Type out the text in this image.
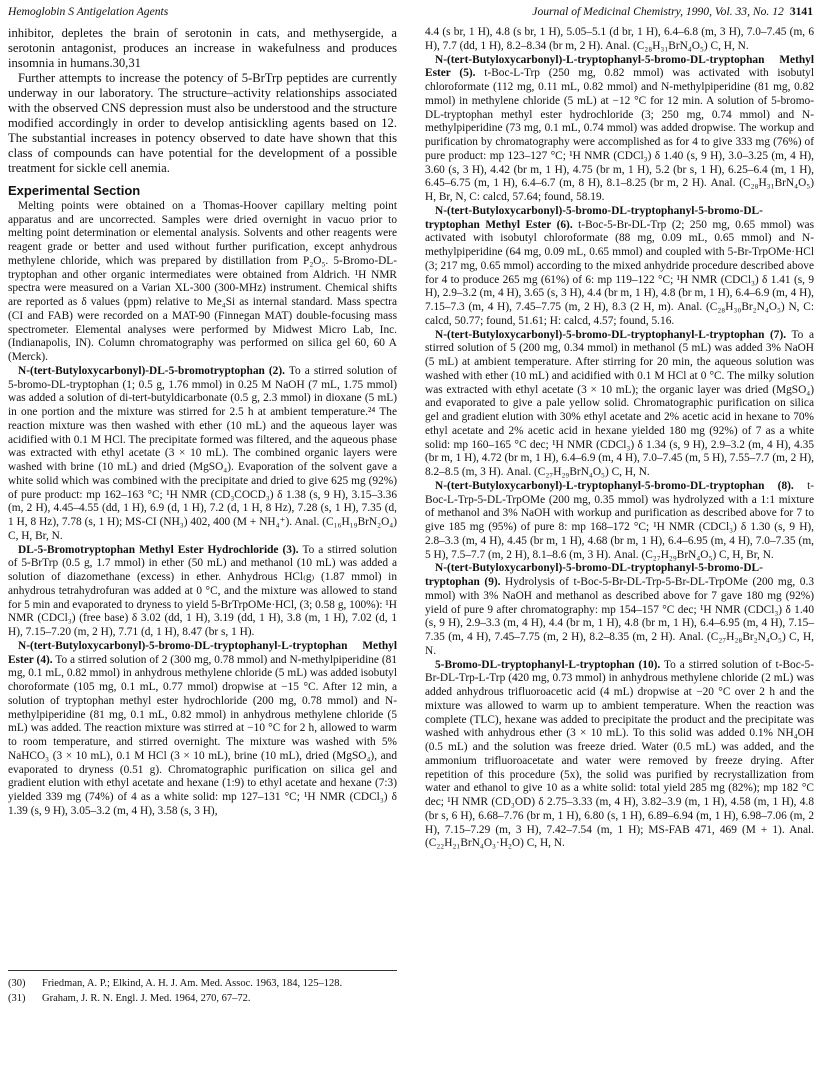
Hemoglobin S Antigelation Agents	Journal of Medicinal Chemistry, 1990, Vol. 33, No. 12 3141

inhibitor, depletes the brain of serotonin in cats, and methysergide, a serotonin antagonist, produces an increase in wakefulness and produces insomnia in humans.30,31

Further attempts to increase the potency of 5-BrTrp peptides are currently underway in our laboratory. The structure–activity relationships associated with the observed CNS depression must also be understood and the structure modified accordingly in order to develop antisickling agents based on 12. The substantial increases in potency observed to date have shown that this class of compounds can have potential for the development of a possible treatment for sickle cell anemia.

Experimental Section

Melting points were obtained on a Thomas-Hoover capillary melting point apparatus and are uncorrected. Samples were dried overnight in vacuo prior to melting point determination or elemental analysis. Solvents and other reagents were reagent grade or better and used without further purification, except anhydrous methylene chloride, which was prepared by distillation from P₂O₅. 5-Bromo-DL-tryptophan and other organic intermediates were obtained from Aldrich. ¹H NMR spectra were measured on a Varian XL-300 (300-MHz) instrument. Chemical shifts are reported as δ values (ppm) relative to Me₄Si as internal standard. Mass spectra (CI and FAB) were recorded on a MAT-90 (Finnegan MAT) double-focusing mass spectrometer. Elemental analyses were performed by Midwest Micro Lab, Inc. (Indianapolis, IN). Column chromatography was performed on silica gel 60, 60 A (Merck).

N-(tert-Butyloxycarbonyl)-DL-5-bromotryptophan (2). To a stirred solution of 5-bromo-DL-tryptophan (1; 0.5 g, 1.76 mmol) in 0.25 M NaOH (7 mL, 1.75 mmol) was added a solution of di-tert-butyldicarbonate (0.5 g, 2.3 mmol) in dioxane (5 mL) in one portion and the mixture was stirred for 2.5 h at ambient temperature.²⁴ The reaction mixture was then washed with ether (10 mL) and the aqueous layer was acidified with 0.1 M HCl. The precipitate formed was filtered, and the aqueous phase was extracted with ethyl acetate (3 × 10 mL). The combined organic layers were washed with brine (10 mL) and dried (MgSO₄). Evaporation of the solvent gave a white solid which was combined with the precipitate and dried to give 625 mg (92%) of pure product: mp 162–163 °C; ¹H NMR (CD₃COCD₃) δ 1.38 (s, 9 H), 3.15–3.36 (m, 2 H), 4.45–4.55 (dd, 1 H), 6.9 (d, 1 H), 7.2 (d, 1 H, 8 Hz), 7.28 (s, 1 H), 7.35 (d, 1 H, 8 Hz), 7.78 (s, 1 H); MS-CI (NH₃) 402, 400 (M + NH₄⁺). Anal. (C₁₆H₁₉BrN₂O₄) C, H, Br, N.

DL-5-Bromotryptophan Methyl Ester Hydrochloride (3). To a stirred solution of 5-BrTrp (0.5 g, 1.7 mmol) in ether (50 mL) and methanol (10 mL) was added a solution of diazomethane (excess) in ether. Anhydrous HCl₍g₎ (1.87 mmol) in anhydrous tetrahydrofuran was added at 0 °C, and the mixture was allowed to stand for 5 min and evaporated to dryness to yield 5-BrTrpOMe·HCl, (3; 0.58 g, 100%): ¹H NMR (CDCl₃) (free base) δ 3.02 (dd, 1 H), 3.19 (dd, 1 H), 3.8 (m, 1 H), 7.02 (d, 1 H), 7.15–7.20 (m, 2 H), 7.71 (d, 1 H), 8.47 (br s, 1 H).

N-(tert-Butyloxycarbonyl)-5-bromo-DL-tryptophanyl-L-tryptophan Methyl Ester (4). To a stirred solution of 2 (300 mg, 0.78 mmol) and N-methylpiperidine (81 mg, 0.1 mL, 0.82 mmol) in anhydrous methylene chloride (5 mL) was added isobutyl choroformate (105 mg, 0.1 mL, 0.77 mmol) dropwise at −15 °C. After 12 min, a solution of tryptophan methyl ester hydrochloride (200 mg, 0.78 mmol) and N-methylpiperidine (81 mg, 0.1 mL, 0.82 mmol) in anhydrous methylene chloride (5 mL) was added. The reaction mixture was stirred at −10 °C for 2 h, allowed to warm to room temperature, and stirred overnight. The mixture was washed with 5% NaHCO₃ (3 × 10 mL), 0.1 M HCl (3 × 10 mL), brine (10 mL), dried (MgSO₄), and evaporated to dryness (0.51 g). Chromatographic purification on silica gel and gradient elution with ethyl acetate and hexane (1:9) to ethyl acetate and hexane (7:3) yielded 339 mg (74%) of 4 as a white solid: mp 127–131 °C; ¹H NMR (CDCl₃) δ 1.39 (s, 9 H), 3.05–3.2 (m, 4 H), 3.58 (s, 3 H),

4.4 (s br, 1 H), 4.8 (s br, 1 H), 5.05–5.1 (d br, 1 H), 6.4–6.8 (m, 3 H), 7.0–7.45 (m, 6 H), 7.7 (dd, 1 H), 8.2–8.34 (br m, 2 H). Anal. (C₂₈H₃₁BrN₄O₅) C, H, N.

N-(tert-Butyloxycarbonyl)-L-tryptophanyl-5-bromo-DL-tryptophan Methyl Ester (5). t-Boc-L-Trp (250 mg, 0.82 mmol) was activated with isobutyl chloroformate (112 mg, 0.11 mL, 0.82 mmol) and N-methylpiperidine (81 mg, 0.82 mmol) in methylene chloride (5 mL) at −12 °C for 12 min. A solution of 5-bromo-DL-tryptophan methyl ester hydrochloride (3; 250 mg, 0.74 mmol) and N-methylpiperidine (73 mg, 0.1 mL, 0.74 mmol) was added dropwise. The workup and purification by chromatography were accomplished as for 4 to give 333 mg (76%) of pure product: mp 123–127 °C; ¹H NMR (CDCl₃) δ 1.40 (s, 9 H), 3.0–3.25 (m, 4 H), 3.60 (s, 3 H), 4.42 (br m, 1 H), 4.75 (br m, 1 H), 5.2 (br s, 1 H), 6.25–6.4 (m, 1 H), 6.45–6.75 (m, 1 H), 6.4–6.7 (m, 8 H), 8.1–8.25 (br m, 2 H). Anal. (C₂₈H₃₁BrN₄O₅) H, Br, N, C: calcd, 57.64; found, 58.19.

N-(tert-Butyloxycarbonyl)-5-bromo-DL-tryptophanyl-5-bromo-DL-tryptophan Methyl Ester (6). t-Boc-5-Br-DL-Trp (2; 250 mg, 0.65 mmol) was activated with isobutyl chloroformate (88 mg, 0.09 mL, 0.65 mmol) and N-methylpiperidine (64 mg, 0.09 mL, 0.65 mmol) and coupled with 5-Br-TrpOMe·HCl (3; 217 mg, 0.65 mmol) according to the mixed anhydride procedure described above for 4 to produce 265 mg (61%) of 6: mp 119–122 °C; ¹H NMR (CDCl₃) δ 1.41 (s, 9 H), 2.9–3.2 (m, 4 H), 3.65 (s, 3 H), 4.4 (br m, 1 H), 4.8 (br m, 1 H), 6.4–6.9 (m, 4 H), 7.15–7.3 (m, 4 H), 7.45–7.75 (m, 2 H), 8.3 (2 H, m). Anal. (C₂₈H₃₀Br₂N₄O₅) N, C: calcd, 50.77; found, 51.61; H: calcd, 4.57; found, 5.16.

N-(tert-Butyloxycarbonyl)-5-bromo-DL-tryptophanyl-L-tryptophan (7). To a stirred solution of 5 (200 mg, 0.34 mmol) in methanol (5 mL) was added 3% NaOH (5 mL) at ambient temperature. After stirring for 20 min, the aqueous solution was washed with ether (10 mL) and acidified with 0.1 M HCl at 0 °C. The milky solution was extracted with ethyl acetate (3 × 10 mL); the organic layer was dried (MgSO₄) and evaporated to give a pale yellow solid. Chromatographic purification on silica gel and gradient elution with 30% ethyl acetate and 2% acetic acid in hexane to 70% ethyl acetate and 2% acetic acid in hexane yielded 180 mg (92%) of 7 as a white solid: mp 160–165 °C dec; ¹H NMR (CDCl₃) δ 1.34 (s, 9 H), 2.9–3.2 (m, 4 H), 4.35 (br m, 1 H), 4.72 (br m, 1 H), 6.4–6.9 (m, 4 H), 7.0–7.45 (m, 5 H), 7.55–7.7 (m, 2 H), 8.2–8.5 (m, 3 H). Anal. (C₂₇H₂₉BrN₄O₅) C, H, N.

N-(tert-Butyloxycarbonyl)-L-tryptophanyl-5-bromo-DL-tryptophan (8). t-Boc-L-Trp-5-DL-TrpOMe (200 mg, 0.35 mmol) was hydrolyzed with a 1:1 mixture of methanol and 3% NaOH with workup and purification as described above for 7 to give 185 mg (95%) of pure 8: mp 168–172 °C; ¹H NMR (CDCl₃) δ 1.30 (s, 9 H), 2.8–3.3 (m, 4 H), 4.45 (br m, 1 H), 4.68 (br m, 1 H), 6.4–6.95 (m, 4 H), 7.0–7.35 (m, 5 H), 7.5–7.7 (m, 2 H), 8.1–8.6 (m, 3 H). Anal. (C₂₇H₂₉BrN₄O₅) C, H, Br, N.

N-(tert-Butyloxycarbonyl)-5-bromo-DL-tryptophanyl-5-bromo-DL-tryptophan (9). Hydrolysis of t-Boc-5-Br-DL-Trp-5-Br-DL-TrpOMe (200 mg, 0.3 mmol) with 3% NaOH and methanol as described above for 7 gave 180 mg (92%) yield of pure 9 after chromatography: mp 154–157 °C dec; ¹H NMR (CDCl₃) δ 1.40 (s, 9 H), 2.9–3.3 (m, 4 H), 4.4 (br m, 1 H), 4.8 (br m, 1 H), 6.4–6.95 (m, 4 H), 7.15–7.35 (m, 4 H), 7.45–7.75 (m, 2 H), 8.2–8.35 (m, 2 H). Anal. (C₂₇H₂₈Br₂N₄O₅) C, H, N.

5-Bromo-DL-tryptophanyl-L-tryptophan (10). To a stirred solution of t-Boc-5-Br-DL-Trp-L-Trp (420 mg, 0.73 mmol) in anhydrous methylene chloride (2 mL) was added anhydrous trifluoroacetic acid (4 mL) dropwise at −20 °C over 2 h and the mixture was allowed to warm up to ambient temperature. When the reaction was complete (TLC), hexane was added to precipitate the product and the precipitate was washed with anhydrous ether (3 × 10 mL). To this solid was added 0.1% NH₄OH (0.5 mL) and the solution was freeze dried. Water (0.5 mL) was added, and the ammonium trifluoroacetate and water were removed by freeze drying. After repetition of this procedure (5x), the solid was purified by recrystallization from water and ethanol to give 10 as a white solid: total yield 285 mg (82%); mp 182 °C dec; ¹H NMR (CD₃OD) δ 2.75–3.33 (m, 4 H), 3.82–3.9 (m, 1 H), 4.58 (m, 1 H), 4.8 (br s, 6 H), 6.68–7.76 (br m, 1 H), 6.80 (s, 1 H), 6.89–6.94 (m, 1 H), 6.98–7.06 (m, 2 H), 7.15–7.29 (m, 3 H), 7.42–7.54 (m, 1 H); MS-FAB 471, 469 (M + 1). Anal. (C₂₂H₂₁BrN₄O₃·H₂O) C, H, N.

(30) Friedman, A. P.; Elkind, A. H. J. Am. Med. Assoc. 1963, 184, 125–128.

(31) Graham, J. R. N. Engl. J. Med. 1964, 270, 67–72.
